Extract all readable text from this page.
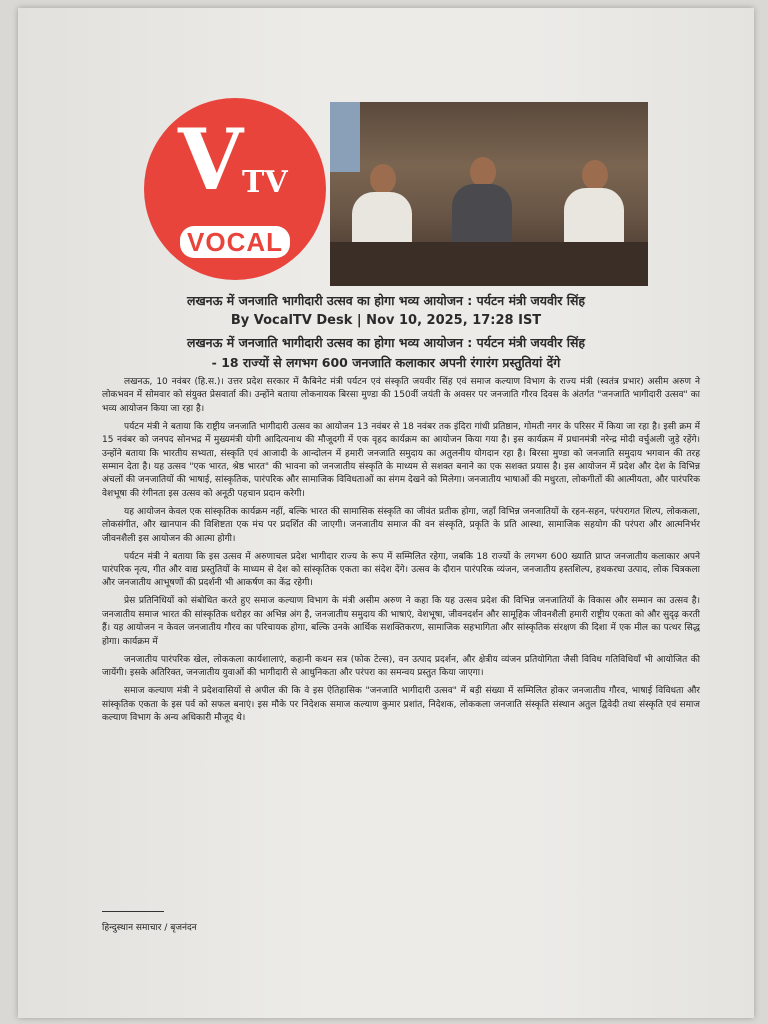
V
TV
VOCAL
लखनऊ में जनजाति भागीदारी उत्सव का होगा भव्य आयोजन : पर्यटन मंत्री जयवीर सिंह
By VocalTV Desk | Nov 10, 2025, 17:28 IST
लखनऊ में जनजाति भागीदारी उत्सव का होगा भव्य आयोजन : पर्यटन मंत्री जयवीर सिंह
- 18 राज्यों से लगभग 600 जनजाति कलाकार अपनी रंगारंग प्रस्तुतियां देंगे

लखनऊ, 10 नवंबर (हि.स.)। उत्तर प्रदेश सरकार में कैबिनेट मंत्री पर्यटन एवं संस्कृति जयवीर सिंह एवं समाज कल्याण विभाग के राज्य मंत्री (स्वतंत्र प्रभार) असीम अरुण ने लोकभवन में सोमवार को संयुक्त प्रेसवार्ता की। उन्होंने बताया लोकनायक बिरसा मुण्डा की 150वीं जयंती के अवसर पर जनजाति गौरव दिवस के अंतर्गत "जनजाति भागीदारी उत्सव" का भव्य आयोजन किया जा रहा है।

पर्यटन मंत्री ने बताया कि राष्ट्रीय जनजाति भागीदारी उत्सव का आयोजन 13 नवंबर से 18 नवंबर तक इंदिरा गांधी प्रतिष्ठान, गोमती नगर के परिसर में किया जा रहा है। इसी क्रम में 15 नवंबर को जनपद सोनभद्र में मुख्यमंत्री योगी आदित्यनाथ की मौजूदगी में एक वृहद कार्यक्रम का आयोजन किया गया है। इस कार्यक्रम में प्रधानमंत्री नरेन्द्र मोदी वर्चुअली जुड़े रहेंगे। उन्होंने बताया कि भारतीय सभ्यता, संस्कृति एवं आजादी के आन्दोलन में हमारी जनजाति समुदाय का अतुलनीय योगदान रहा है। बिरसा मुण्डा को जनजाति समुदाय भगवान की तरह सम्मान देता है। यह उत्सव "एक भारत, श्रेष्ठ भारत" की भावना को जनजातीय संस्कृति के माध्यम से सशक्त बनाने का एक सशक्त प्रयास है। इस आयोजन में प्रदेश और देश के विभिन्न अंचलों की जनजातियों की भाषाई, सांस्कृतिक, पारंपरिक और सामाजिक विविधताओं का संगम देखने को मिलेगा। जनजातीय भाषाओं की मधुरता, लोकगीतों की आत्मीयता, और पारंपरिक वेशभूषा की रंगीनता इस उत्सव को अनूठी पहचान प्रदान करेगी।

यह आयोजन केवल एक सांस्कृतिक कार्यक्रम नहीं, बल्कि भारत की सामासिक संस्कृति का जीवंत प्रतीक होगा, जहाँ विभिन्न जनजातियों के रहन-सहन, परंपरागत शिल्प, लोककला, लोकसंगीत, और खानपान की विशिष्टता एक मंच पर प्रदर्शित की जाएगी। जनजातीय समाज की वन संस्कृति, प्रकृति के प्रति आस्था, सामाजिक सहयोग की परंपरा और आत्मनिर्भर जीवनशैली इस आयोजन की आत्मा होगी।

पर्यटन मंत्री ने बताया कि इस उत्सव में अरुणाचल प्रदेश भागीदार राज्य के रूप में सम्मिलित रहेगा, जबकि 18 राज्यों के लगभग 600 ख्याति प्राप्त जनजातीय कलाकार अपने पारंपरिक नृत्य, गीत और वाद्य प्रस्तुतियों के माध्यम से देश को सांस्कृतिक एकता का संदेश देंगे। उत्सव के दौरान पारंपरिक व्यंजन, जनजातीय हस्तशिल्प, हथकरघा उत्पाद, लोक चित्रकला और जनजातीय आभूषणों की प्रदर्शनी भी आकर्षण का केंद्र रहेगी।

प्रेस प्रतिनिधियों को संबोधित करते हुए समाज कल्याण विभाग के मंत्री असीम अरुण ने कहा कि यह उत्सव प्रदेश की विभिन्न जनजातियों के विकास और सम्मान का उत्सव है। जनजातीय समाज भारत की सांस्कृतिक धरोहर का अभिन्न अंग है, जनजातीय समुदाय की भाषाएं, वेशभूषा, जीवनदर्शन और सामूहिक जीवनशैली हमारी राष्ट्रीय एकता को और सुदृढ़ करती हैं। यह आयोजन न केवल जनजातीय गौरव का परिचायक होगा, बल्कि उनके आर्थिक सशक्तिकरण, सामाजिक सहभागिता और सांस्कृतिक संरक्षण की दिशा में एक मील का पत्थर सिद्ध होगा। कार्यक्रम में

जनजातीय पारंपरिक खेल, लोककला कार्यशालाएं, कहानी कथन सत्र (फोक टेल्स), वन उत्पाद प्रदर्शन, और क्षेत्रीय व्यंजन प्रतियोगिता जैसी विविध गतिविधियाँ भी आयोजित की जायेंगी। इसके अतिरिक्त, जनजातीय युवाओं की भागीदारी से आधुनिकता और परंपरा का समन्वय प्रस्तुत किया जाएगा।

समाज कल्याण मंत्री ने प्रदेशवासियों से अपील की कि वे इस ऐतिहासिक "जनजाति भागीदारी उत्सव" में बड़ी संख्या में सम्मिलित होकर जनजातीय गौरव, भाषाई विविधता और सांस्कृतिक एकता के इस पर्व को सफल बनाएं। इस मौके पर निदेशक समाज कल्याण कुमार प्रशांत, निदेशक, लोककला जनजाति संस्कृति संस्थान अतुल द्विवेदी तथा संस्कृति एवं समाज कल्याण विभाग के अन्य अधिकारी मौजूद थे।

हिन्दुस्थान समाचार / बृजनंदन
